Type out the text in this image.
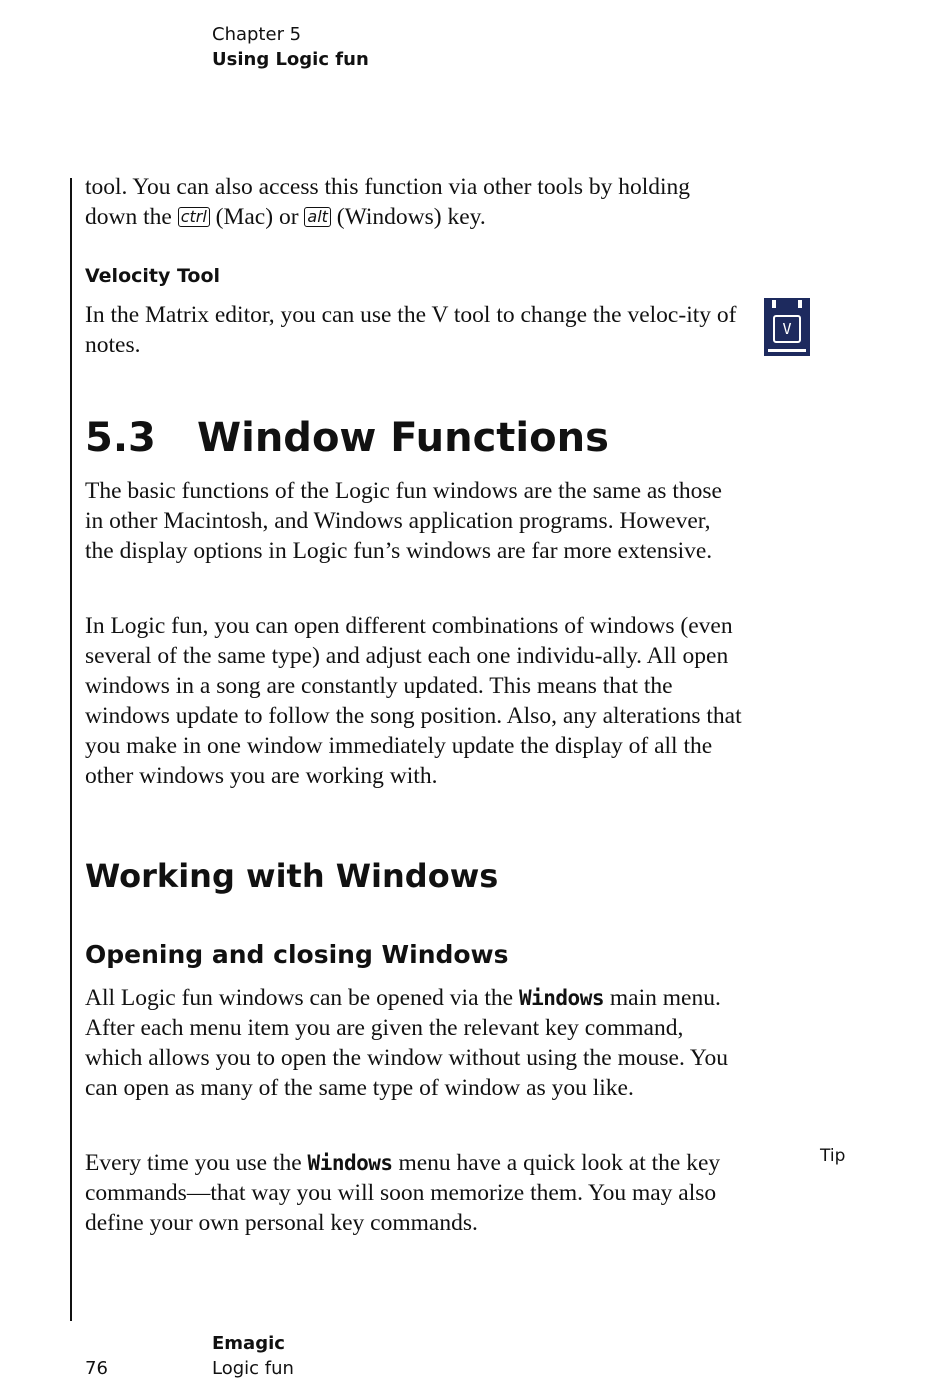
Chapter 5
Using Logic fun

tool. You can also access this function via other tools by holding down the ctrl (Mac) or alt (Windows) key.

Velocity Tool

In the Matrix editor, you can use the V tool to change the veloc-ity of notes.

V
5.3 Window Functions

The basic functions of the Logic fun windows are the same as those in other Macintosh, and Windows application programs. However, the display options in Logic fun’s windows are far more extensive.

In Logic fun, you can open different combinations of windows (even several of the same type) and adjust each one individu-ally. All open windows in a song are constantly updated. This means that the windows update to follow the song position. Also, any alterations that you make in one window immediately update the display of all the other windows you are working with.

Working with Windows
Opening and closing Windows

All Logic fun windows can be opened via the Windows main menu. After each menu item you are given the relevant key command, which allows you to open the window without using the mouse. You can open as many of the same type of window as you like.

Every time you use the Windows menu have a quick look at the key commands—that way you will soon memorize them. You may also define your own personal key commands.

Tip
Emagic
Logic fun
76
